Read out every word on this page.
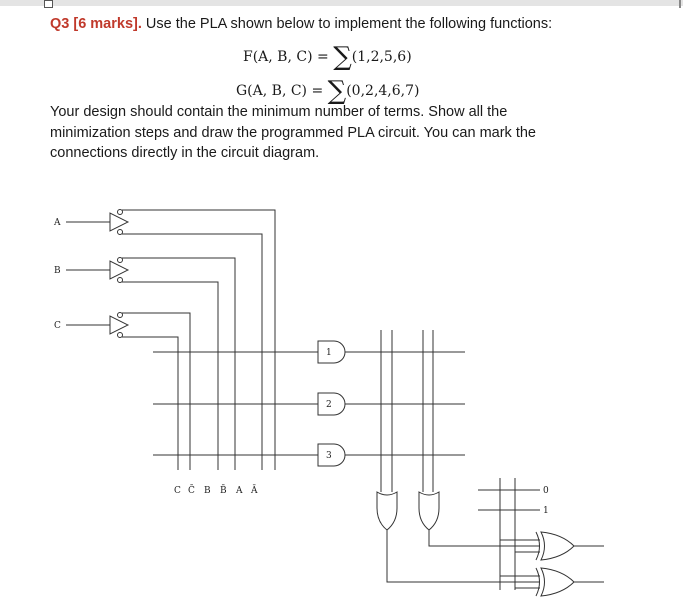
Q3 [6 marks]. Use the PLA shown below to implement the following functions:
F(A, B, C) = ∑(1,2,5,6)
G(A, B, C) = ∑(0,2,4,6,7)
Your design should contain the minimum number of terms. Show all the minimization steps and draw the programmed PLA circuit. You can mark the connections directly in the circuit diagram.
A
B
C
C C̄ B B̄ A Ā
1
2
3
0
1
